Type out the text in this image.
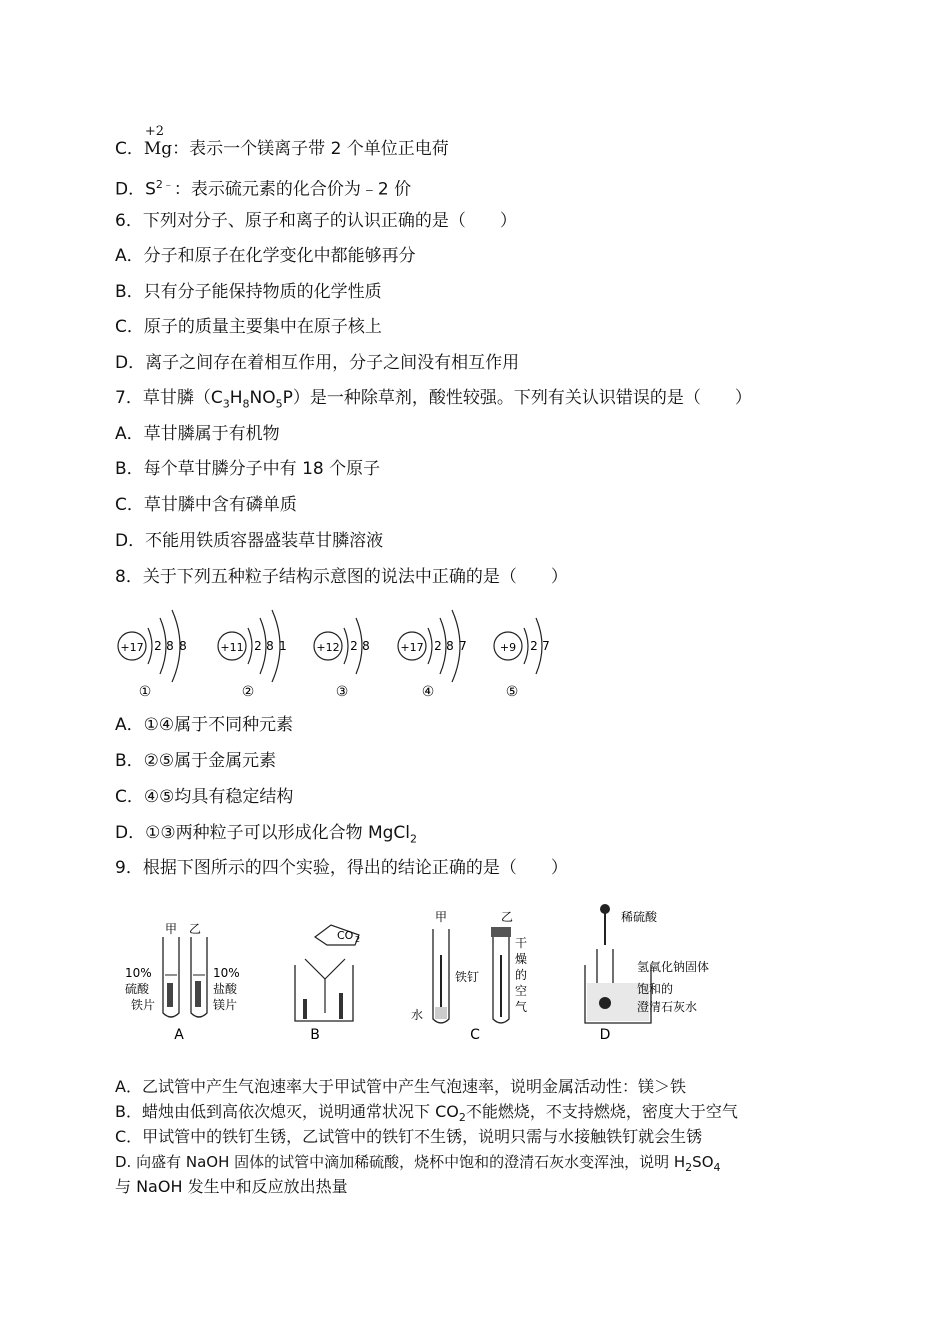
C．
+2
Mg：表示一个镁离子带 2 个单位正电荷
D．$S^{2﹣}$：表示硫元素的化合价为﹣2 价
6．下列对分子、原子和离子的认识正确的是（　　）
A．分子和原子在化学变化中都能够再分
B．只有分子能保持物质的化学性质
C．原子的质量主要集中在原子核上
D．离子之间存在着相互作用，分子之间没有相互作用
7．草甘膦$(C_3H_8NO_5P)$是一种除草剂，酸性较强。下列有关认识错误的是（　　）
A．草甘膦属于有机物
B．每个草甘膦分子中有 18 个原子
C．草甘膦中含有磷单质
D．不能用铁质容器盛装草甘膦溶液
8．关于下列五种粒子结构示意图的说法中正确的是（　　）
+17 2 8 8
①
+11 2 8 1
②
+12 2 8
③
+17 2 8 7
④
+9 2 7
⑤
A．①④属于不同种元素
B．②⑤属于金属元素
C．④⑤均具有稳定结构
D．①③两种粒子可以形成化合物 MgCl$_2$
9．根据下图所示的四个实验，得出的结论正确的是（　　）
甲 乙
10%
硫酸
铁片
10%
盐酸
镁片
A
CO 2
B
甲	乙
水
铁钉
干
燥
的
空
气
C
稀硫酸
氢氧化钠固体
饱和的
澄清石灰水
D
A．乙试管中产生气泡速率大于甲试管中产生气泡速率，说明金属活动性：镁＞铁
B．蜡烛由低到高依次熄灭，说明通常状况下 $CO_2$不能燃烧，不支持燃烧，密度大于空气
C．甲试管中的铁钉生锈，乙试管中的铁钉不生锈，说明只需与水接触铁钉就会生锈
D. 向盛有 NaOH 固体的试管中滴加稀硫酸，烧杯中饱和的澄清石灰水变浑浊，说明 $H_2SO_4$
与 NaOH 发生中和反应放出热量
